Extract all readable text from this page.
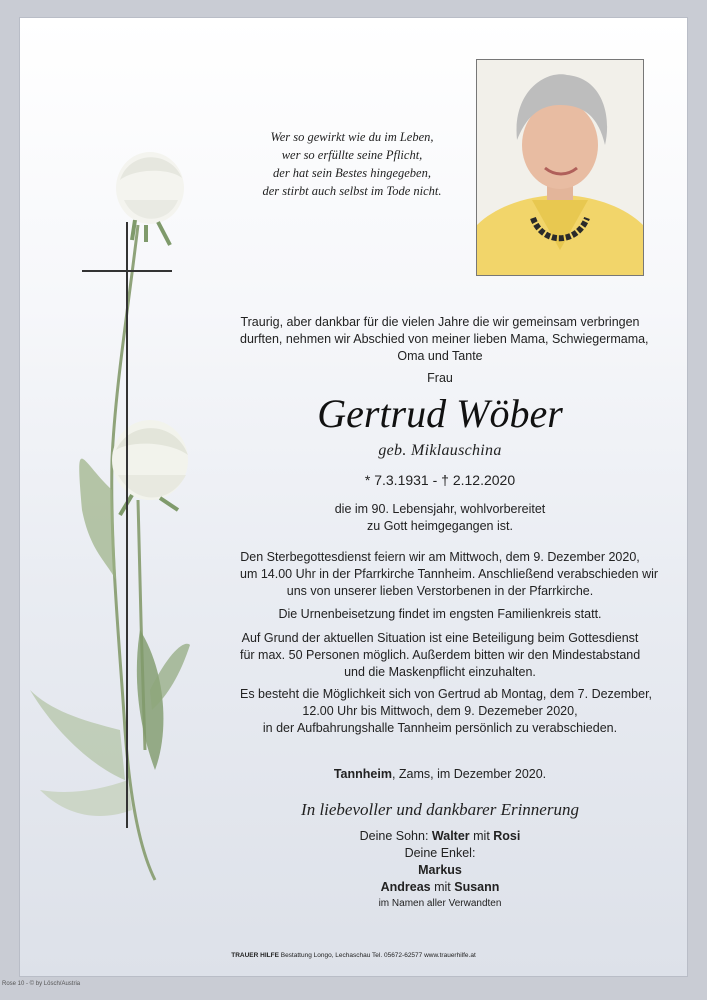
Wer so gewirkt wie du im Leben,
wer so erfüllte seine Pflicht,
der hat sein Bestes hingegeben,
der stirbt auch selbst im Tode nicht.
Traurig, aber dankbar für die vielen Jahre die wir gemeinsam verbringen
durften, nehmen wir Abschied von meiner lieben Mama, Schwiegermama,
Oma und Tante
Frau
Gertrud Wöber
geb. Miklauschina
* 7.3.1931 - † 2.12.2020
die im 90. Lebensjahr, wohlvorbereitet
zu Gott heimgegangen ist.
Den Sterbegottesdienst feiern wir am Mittwoch, dem 9. Dezember 2020,
um 14.00 Uhr in der Pfarrkirche Tannheim. Anschließend verabschieden wir
uns von unserer lieben Verstorbenen in der Pfarrkirche.
Die Urnenbeisetzung findet im engsten Familienkreis statt.
Auf Grund der aktuellen Situation ist eine Beteiligung beim Gottesdienst
für max. 50 Personen möglich. Außerdem bitten wir den Mindestabstand
und die Maskenpflicht einzuhalten.
Es besteht die Möglichkeit sich von Gertrud ab Montag, dem 7. Dezember,
12.00 Uhr bis Mittwoch, dem 9. Dezemeber 2020,
in der Aufbahrungshalle Tannheim persönlich zu verabschieden.
Tannheim, Zams, im Dezember 2020.
In liebevoller und dankbarer Erinnerung
Deine Sohn: Walter mit Rosi
Deine Enkel:
Markus
Andreas mit Susann
im Namen aller Verwandten
TRAUER HILFE Bestattung Longo, Lechaschau Tel. 05672-62577 www.trauerhilfe.at
Rose 10 - © by Lösch/Austria
